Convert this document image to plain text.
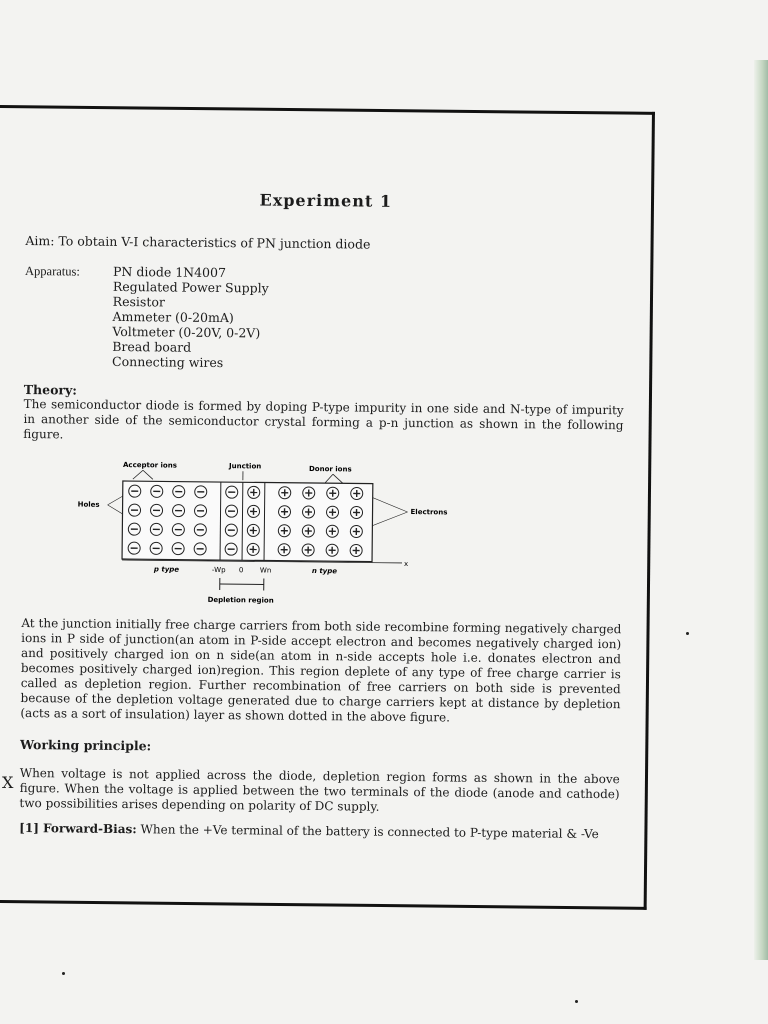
X
Experiment 1
Aim: To obtain V-I characteristics of PN junction diode
Apparatus:	PN diode 1N4007
Regulated Power Supply
Resistor
Ammeter (0-20mA)
Voltmeter (0-20V, 0-2V)
Bread board
Connecting wires
Theory:
The semiconductor diode is formed by doping P-type impurity in one side and N-type of impurity in another side of the semiconductor crystal forming a p-n junction as shown in the following figure.
Acceptor ions	Junction	Donor ions
Holes
Electrons
x
p type	-Wp 0 Wn	n type
Depletion region
At the junction initially free charge carriers from both side recombine forming negatively charged ions in P side of junction(an atom in P-side accept electron and becomes negatively charged ion) and positively charged ion on n side(an atom in n-side accepts hole i.e. donates electron and becomes positively charged ion)region. This region deplete of any type of free charge carrier is called as depletion region. Further recombination of free carriers on both side is prevented because of the depletion voltage generated due to charge carriers kept at distance by depletion (acts as a sort of insulation) layer as shown dotted in the above figure.
Working principle:
When voltage is not applied across the diode, depletion region forms as shown in the above figure. When the voltage is applied between the two terminals of the diode (anode and cathode) two possibilities arises depending on polarity of DC supply.
[1] Forward-Bias: When the +Ve terminal of the battery is connected to P-type material & -Ve
